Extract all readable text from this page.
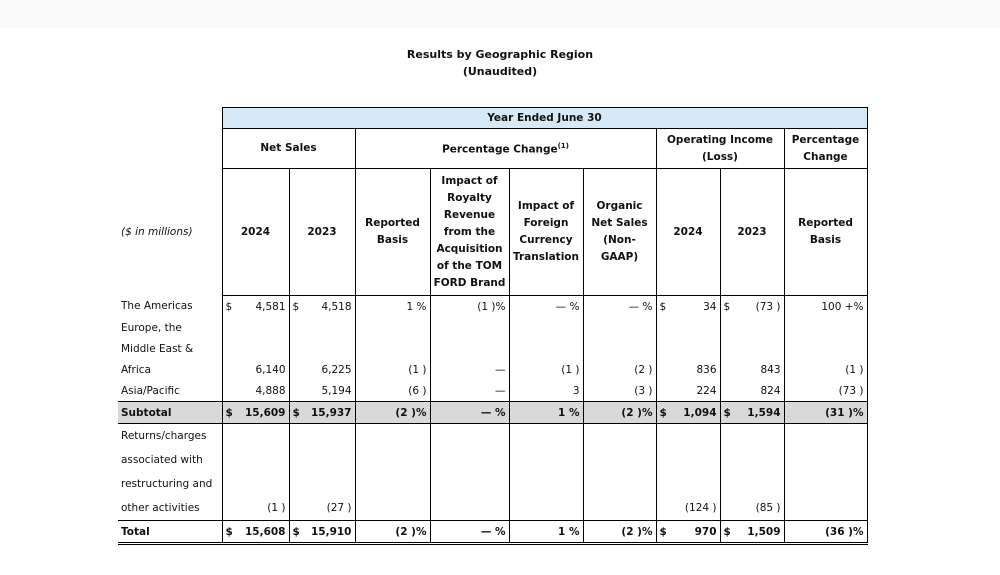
Results by Geographic Region
(Unaudited)
	Year Ended June 30								
	Net Sales		Percentage Change$^{(1)}$				Operating Income (Loss)		Percentage Change
($ in millions)	2024	2023	Reported Basis	Impact of Royalty Revenue from the Acquisition of the TOM FORD Brand	Impact of Foreign Currency Translation	Organic Net Sales (Non-GAAP)	2024	2023	Reported Basis
The Americas	$ 4,581	$ 4,518	1 %	(1 )%	— %	— %	$ 34	$ (73 )	100 +%
Europe, the									
Middle East &									
Africa	6,140	6,225	(1 )	—	(1 )	(2 )	836	843	(1 )
Asia/Pacific	4,888	5,194	(6 )	—	3	(3 )	224	824	(73 )
Subtotal	$ 15,609	$ 15,937	(2 )%	— %	1 %	(2 )%	$ 1,094	$ 1,594	(31 )%
Returns/charges									
associated with									
restructuring and									
other activities	(1 )	(27 )					(124 )	(85 )	
Total	$ 15,608	$ 15,910	(2 )%	— %	1 %	(2 )%	$ 970	$ 1,509	(36 )%
